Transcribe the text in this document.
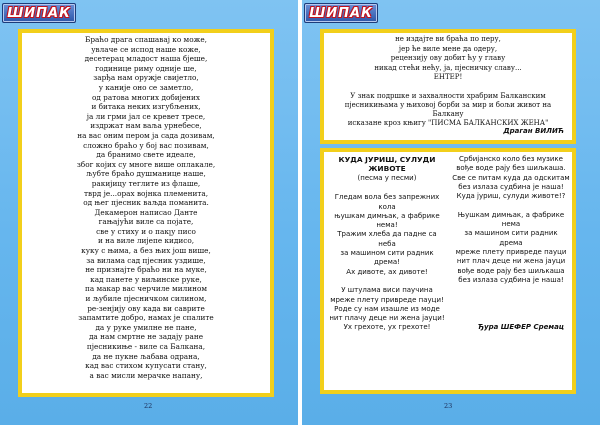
ШИПАК
Браћо драга спашавај ко може,
увлаче се испод наше коже,
десетерац младост наша бјеше,
годинице риму одније ше,
зарђа нам оружје свијетло,
у каније оно се заметло,
од ратова многих добијених
и битака неких изгубљених,
ја ли грми јал се кревет тресе,
издржат нам ваља урнебесе,
на вас оним пером ја сада дозивам,
сложно браћо у бој вас позивам,
да бранимо свете идеале,
због којих су многе више оплакале,
љубте браћо душманице наше,
ракијицу теглите из флаше,
тврд је...орах војнка племенита,
од њег пјесник ваљда поманита.
Декамерон написао Данте
гањајући виле са појате,
све у стиху и о пакլу писо
и на виле лијепе кидисо,
куку с њима, а без њих још више,
за вилама сад пјесник уздише,
не признајте браћо ни на муке,
кад панете у виљинске руке,
па макар вас черчиле милином
и љубиле пјесничком силином,
ре-зенјију ову када ви саврите
запамтите добро, намах је спалите
да у руке умилне не пане,
да нам смртне не задају ране
пјесникиње - виле са Балкана,
да не пукне љабава одрана,
кад вас стихом купусати стану,
а вас мисли мерачке напану,
22
ШИПАК
не издајте ви браћа по перу,
јер ће виле мене да одеру,
рецензију ову добит ћу у главу
никад стећи нећу, ја, пјесничку славу...
ЕНТЕР!
У знак подршке и захвалности храбрим Балканским
пјесникињама у њиховој борби за мир и бољи живот на Балкану
исказане кроз књигу "ПИСМА БАЛКАНСКИХ ЖЕНА"
Драган ВИЛИЋ
КУДА ЈУРИШ, СУЛУДИ ЖИВОТЕ
(песма у песми)
Гледам вола без запрежних
кола
њушкам димњак, а фабрике
нема!
Тражим хлеба да падне са
неба
за машином сити радник
дрема!
Ах дивоте, ах дивоте!

У штулама виси паучина
мреже плету привреде пауци!
Роде су нам изашле из моде
нит плачу деце ни жена јауци!
Ух грехоте, ух грехоте!
Србијанско коло без музике
вође воде рају без шиљкаша.
Све се питам куда да одскитам
без излаза судбина је наша!
Куда јуриш, сулуди животе!?

Њушкам димњак, а фабрике
нема
за машином сити радник
дрема
мреже плету привреде пауци
нит плач деце ни жена јауци
вође воде рају без шиљкаша
без излаза судбина је наша!
Ђура ШЕФЕР Сремац
23
